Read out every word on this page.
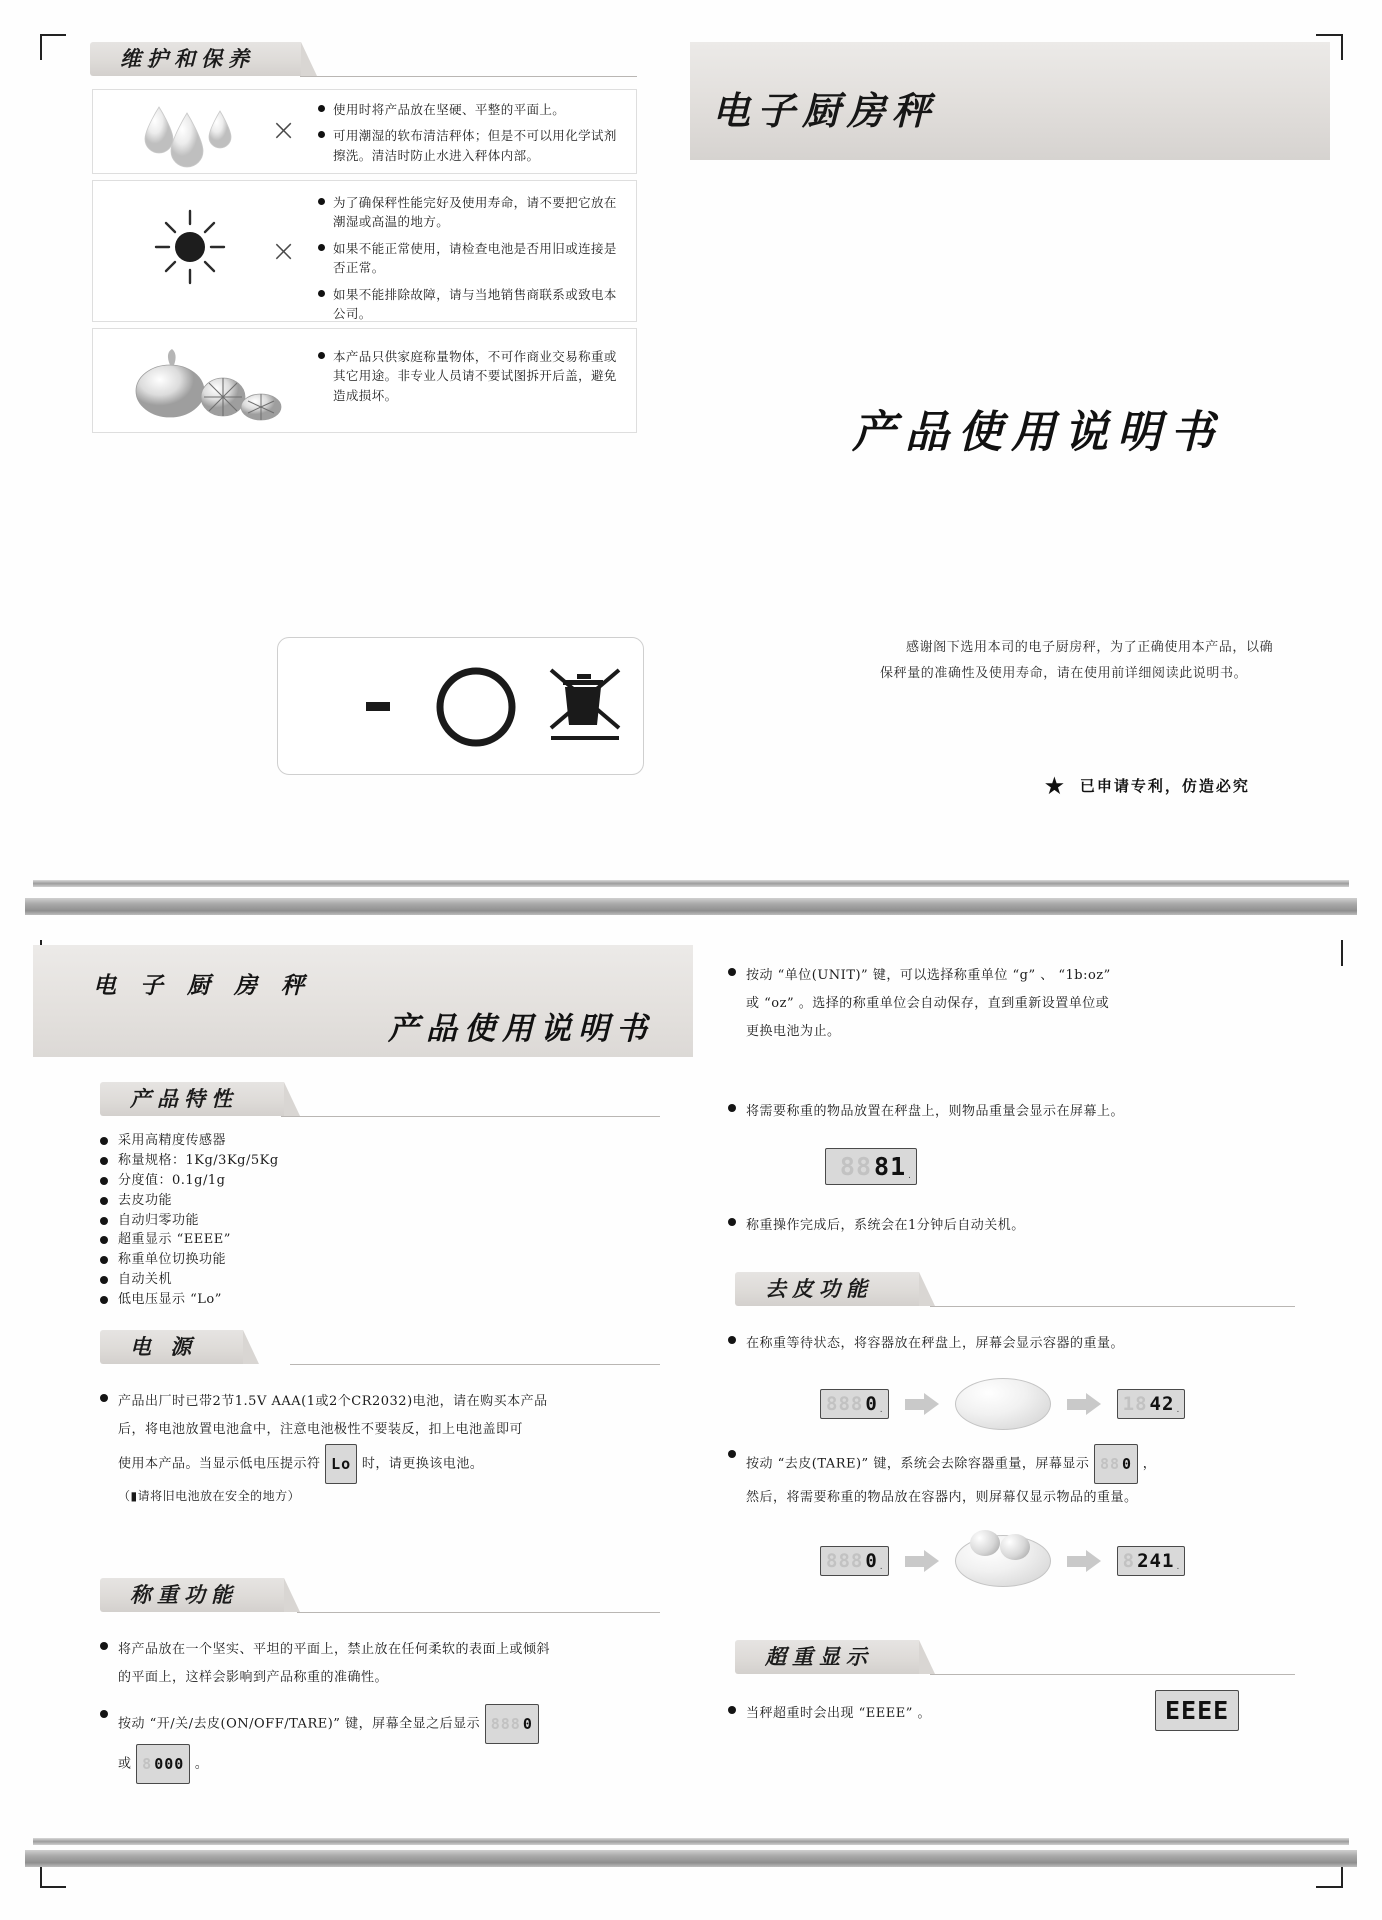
维护和保养
×
使用时将产品放在坚硬、平整的平面上。
可用潮湿的软布清洁秤体；但是不可以用化学试剂擦洗。清洁时防止水进入秤体内部。
×
为了确保秤性能完好及使用寿命，请不要把它放在潮湿或高温的地方。
如果不能正常使用，请检查电池是否用旧或连接是否正常。
如果不能排除故障，请与当地销售商联系或致电本公司。
本产品只供家庭称量物体，不可作商业交易称重或其它用途。非专业人员请不要试图拆开后盖，避免造成损坏。
电子厨房秤
产品使用说明书
感谢阁下选用本司的电子厨房秤，为了正确使用本产品，以确保秤量的准确性及使用寿命，请在使用前详细阅读此说明书。
★ 已申请专利，仿造必究
电 子 厨 房 秤
产品使用说明书
产品特性
采用高精度传感器
称量规格：1Kg/3Kg/5Kg
分度值：0.1g/1g
去皮功能
自动归零功能
超重显示 “EEEE”
称重单位切换功能
自动关机
低电压显示 “Lo”
电 源
产品出厂时已带2节1.5V AAA(1或2个CR2032)电池，请在购买本产品
后，将电池放置电池盒中，注意电池极性不要装反，扣上电池盖即可
使用本产品。当显示低电压提示符 Lo 时，请更换该电池。
（▮请将旧电池放在安全的地方）
称重功能
将产品放在一个坚实、平坦的平面上，禁止放在任何柔软的表面上或倾斜
的平面上，这样会影响到产品称重的准确性。
按动 “开/关/去皮(ON/OFF/TARE)” 键，屏幕全显之后显示 888 0
或 8 000 。
按动 “单位(UNIT)” 键，可以选择称重单位 “g” 、 “1b:oz”
或 “oz” 。选择的称重单位会自动保存，直到重新设置单位或
更换电池为止。
将需要称重的物品放置在秤盘上，则物品重量会显示在屏幕上。
88 81 .
称重操作完成后，系统会在1分钟后自动关机。
去皮功能
在称重等待状态，将容器放在秤盘上，屏幕会显示容器的重量。
888 0 .	18 42 .
按动 “去皮(TARE)” 键，系统会去除容器重量，屏幕显示 88 0 ，
然后，将需要称重的物品放在容器内，则屏幕仅显示物品的重量。
888 0 .	8 241 .
超重显示
当秤超重时会出现 “EEEE” 。	EEEE
